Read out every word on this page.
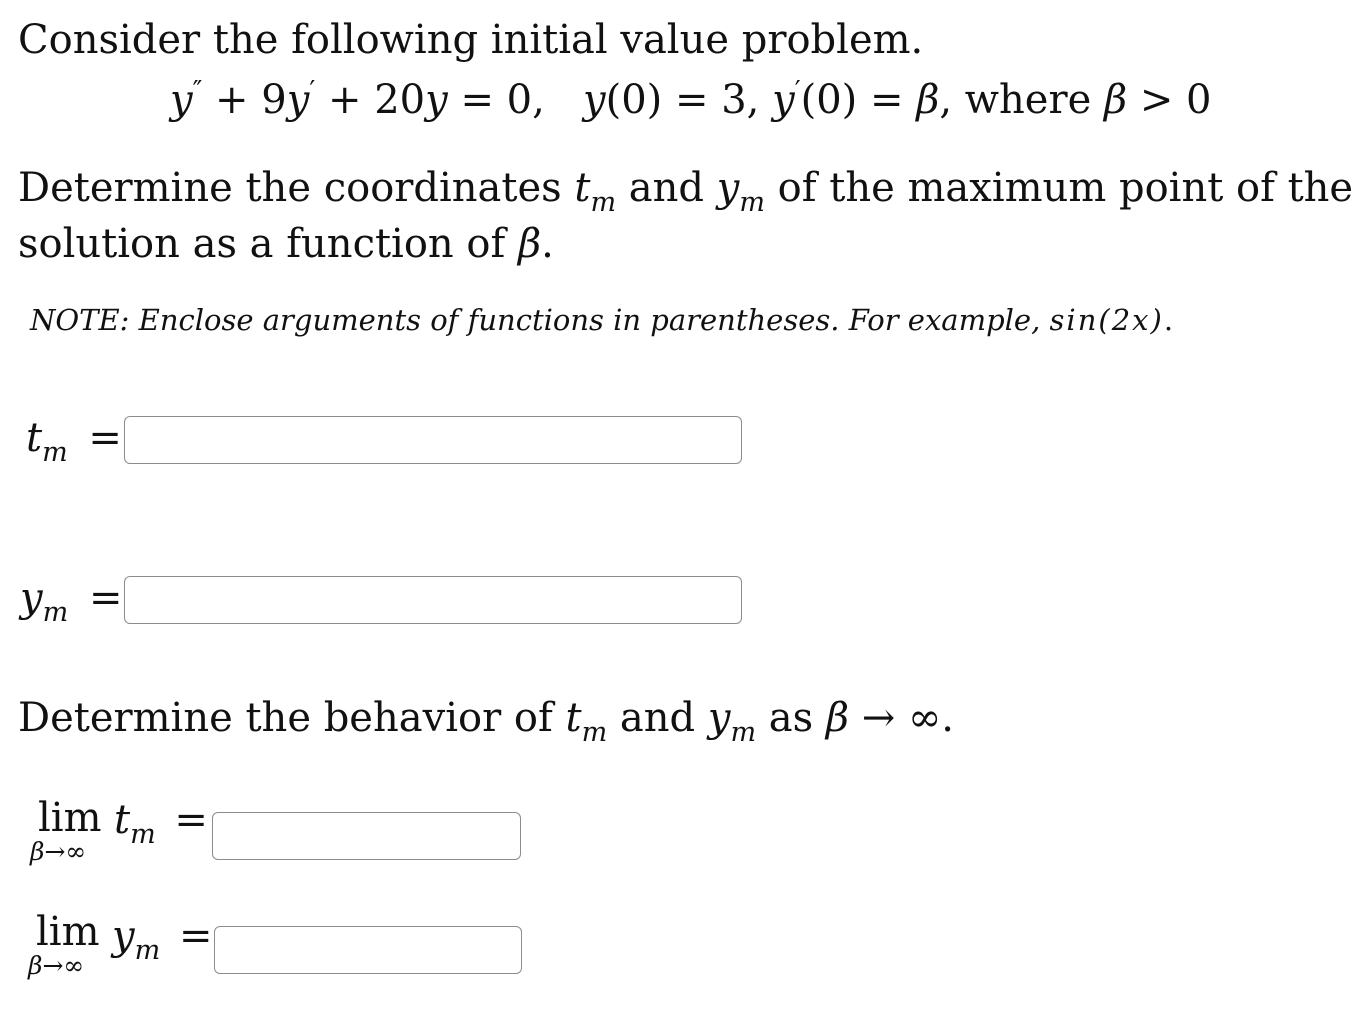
Consider the following initial value problem.
y″ + 9y′ + 20y = 0, y(0) = 3, y′(0) = β, where β > 0
Determine the coordinates $t_m$ and $y_m$ of the maximum point of the
solution as a function of β.
NOTE: Enclose arguments of functions in parentheses. For example, sin(2x).
$t_m$ =
$y_m$ =
Determine the behavior of $t_m$ and $y_m$ as β → ∞.
lim
β→∞
$t_m$ =
lim
β→∞
$y_m$ =
